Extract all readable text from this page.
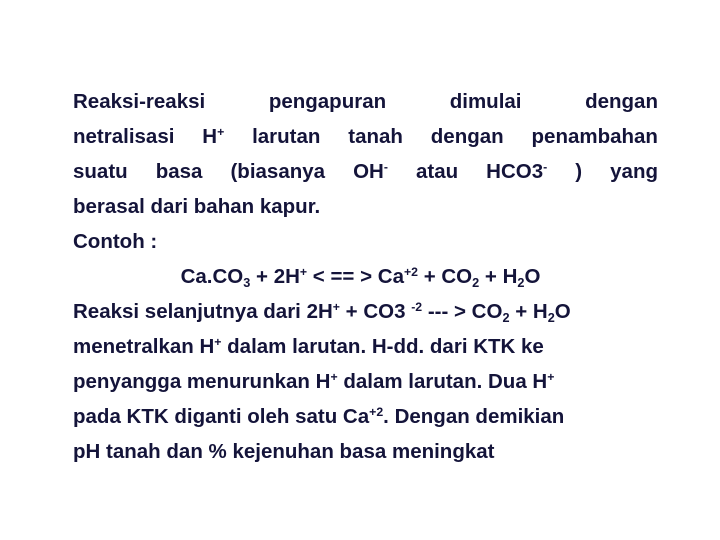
Reaksi-reaksi	pengapuran	dimulai	dengan
netralisasi H+ larutan tanah dengan penambahan
suatu basa (biasanya OH- atau HCO3- ) yang
berasal dari bahan kapur.
Contoh :
$Ca.CO_3 + 2H^+$ < == > $Ca^{+2} + CO_2 + H_2O$
Reaksi selanjutnya dari 2H+ + CO3 $^{-2}$ --- > $CO_2 + H_2O$
menetralkan H+ dalam larutan. H-dd. dari KTK ke
penyangga menurunkan H+ dalam larutan. Dua H+
pada KTK diganti oleh satu $Ca^{+2}$. Dengan demikian
pH tanah dan % kejenuhan basa meningkat
